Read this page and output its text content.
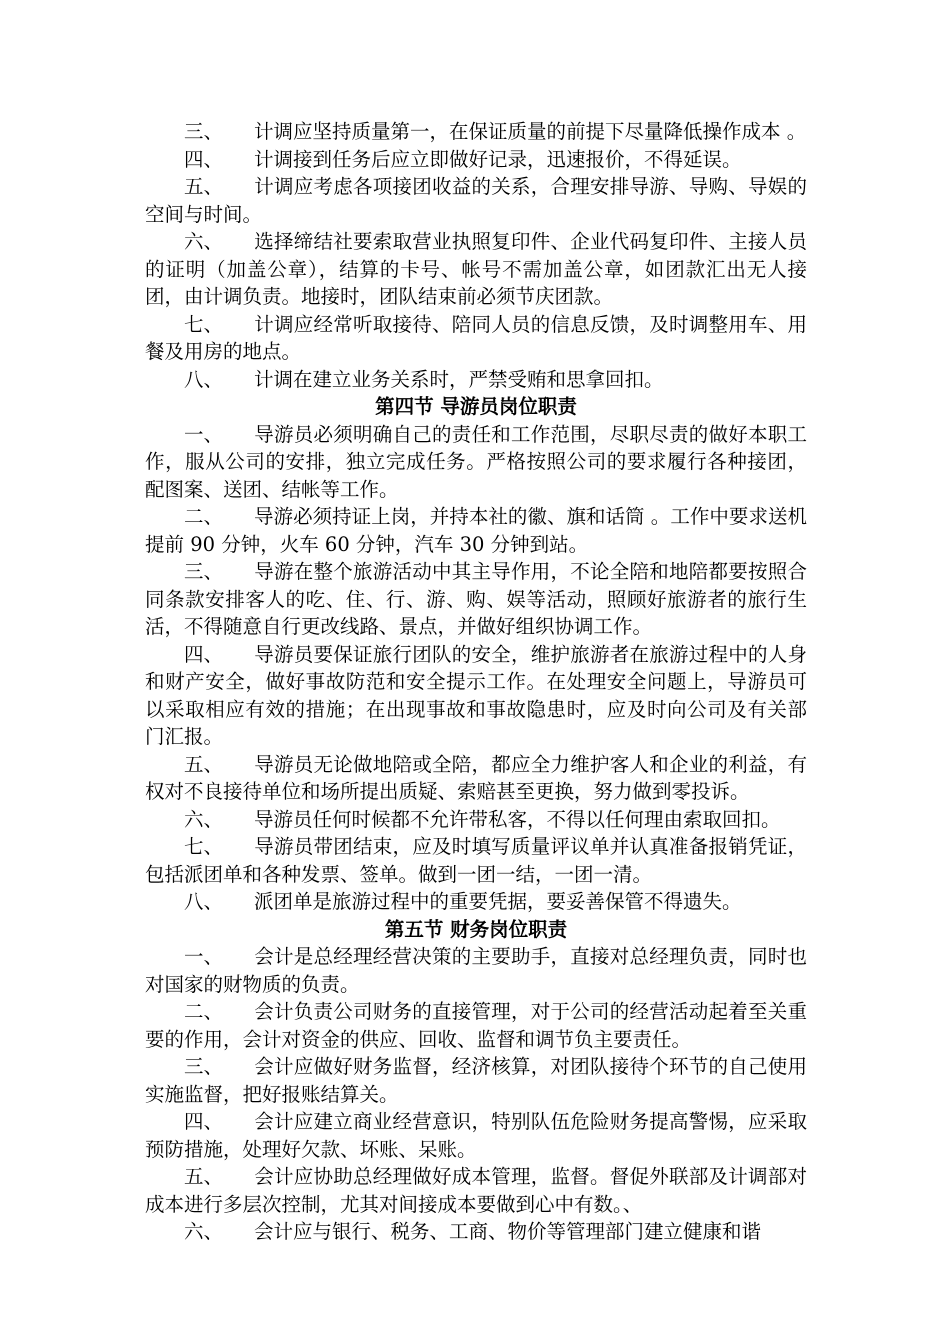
三、 计调应坚持质量第一，在保证质量的前提下尽量降低操作成本 。

四、 计调接到任务后应立即做好记录，迅速报价，不得延误。

五、 计调应考虑各项接团收益的关系，合理安排导游、导购、导娱的空间与时间。

六、 选择缔结社要索取营业执照复印件、企业代码复印件、主接人员的证明（加盖公章），结算的卡号、帐号不需加盖公章，如团款汇出无人接团，由计调负责。地接时，团队结束前必须节庆团款。

七、 计调应经常听取接待、陪同人员的信息反馈，及时调整用车、用餐及用房的地点。

八、 计调在建立业务关系时，严禁受贿和思拿回扣。

第四节 导游员岗位职责

一、 导游员必须明确自己的责任和工作范围，尽职尽责的做好本职工作，服从公司的安排，独立完成任务。严格按照公司的要求履行各种接团，配图案、送团、结帐等工作。

二、 导游必须持证上岗，并持本社的徽、旗和话筒 。工作中要求送机提前 90 分钟，火车 60 分钟，汽车 30 分钟到站。

三、 导游在整个旅游活动中其主导作用，不论全陪和地陪都要按照合同条款安排客人的吃、住、行、游、购、娱等活动，照顾好旅游者的旅行生活，不得随意自行更改线路、景点，并做好组织协调工作。

四、 导游员要保证旅行团队的安全，维护旅游者在旅游过程中的人身和财产安全，做好事故防范和安全提示工作。在处理安全问题上，导游员可以采取相应有效的措施；在出现事故和事故隐患时，应及时向公司及有关部门汇报。

五、 导游员无论做地陪或全陪，都应全力维护客人和企业的利益，有权对不良接待单位和场所提出质疑、索赔甚至更换，努力做到零投诉。

六、 导游员任何时候都不允许带私客，不得以任何理由索取回扣。

七、 导游员带团结束，应及时填写质量评议单并认真准备报销凭证，包括派团单和各种发票、签单。做到一团一结，一团一清。

八、 派团单是旅游过程中的重要凭据，要妥善保管不得遗失。

第五节 财务岗位职责

一、 会计是总经理经营决策的主要助手，直接对总经理负责，同时也对国家的财物质的负责。

二、 会计负责公司财务的直接管理，对于公司的经营活动起着至关重要的作用，会计对资金的供应、回收、监督和调节负主要责任。

三、 会计应做好财务监督，经济核算，对团队接待个环节的自己使用实施监督，把好报账结算关。

四、 会计应建立商业经营意识，特别队伍危险财务提高警惕，应采取预防措施，处理好欠款、坏账、呆账。

五、 会计应协助总经理做好成本管理，监督。督促外联部及计调部对成本进行多层次控制，尤其对间接成本要做到心中有数。、

六、 会计应与银行、税务、工商、物价等管理部门建立健康和谐
